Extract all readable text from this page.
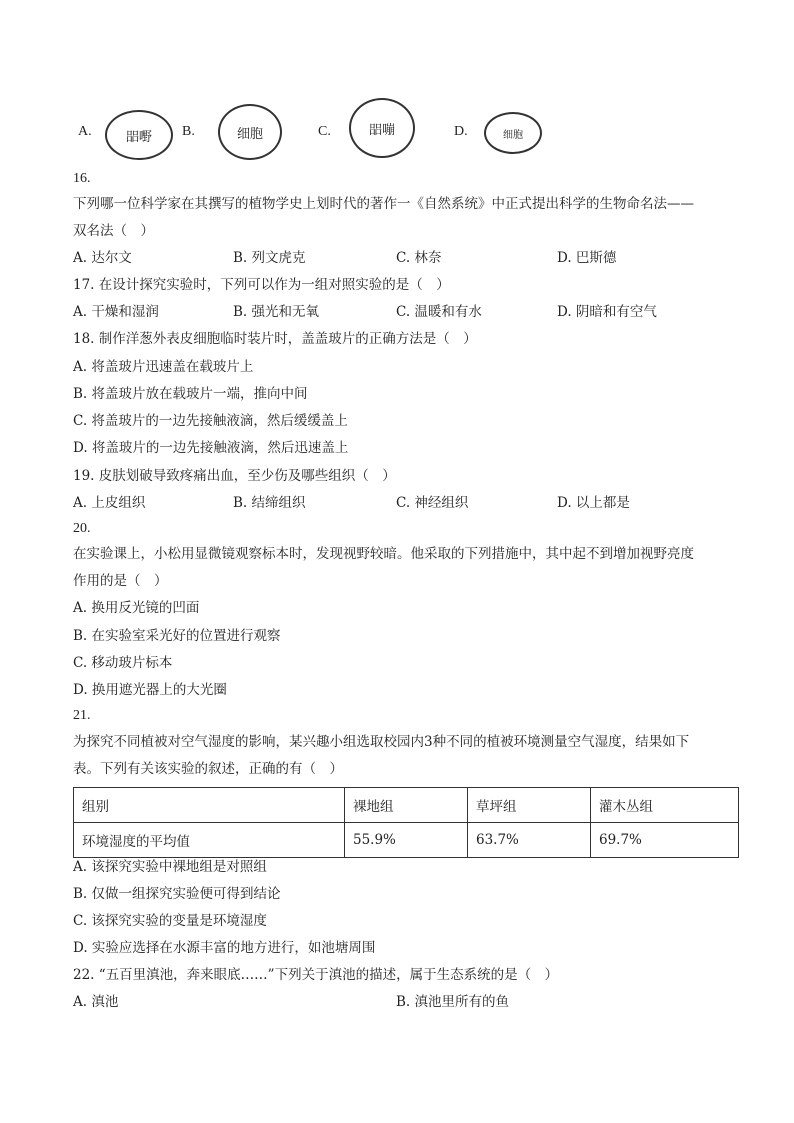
A.	㗊嘢 B.	细胞	C.	㗊嘣	D.	细胞
16.
下列哪一位科学家在其撰写的植物学史上划时代的著作一《自然系统》中正式提出科学的生物命名法——
双名法（　）
A. 达尔文	B. 列文虎克	C. 林奈	D. 巴斯德
17. 在设计探究实验时，下列可以作为一组对照实验的是（　）
A. 干燥和湿润	B. 强光和无氧	C. 温暖和有水	D. 阴暗和有空气
18. 制作洋葱外表皮细胞临时装片时，盖盖玻片的正确方法是（　）
A. 将盖玻片迅速盖在载玻片上
B. 将盖玻片放在载玻片一端，推向中间
C. 将盖玻片的一边先接触液滴，然后缓缓盖上
D. 将盖玻片的一边先接触液滴，然后迅速盖上
19. 皮肤划破导致疼痛出血，至少伤及哪些组织（　）
A. 上皮组织	B. 结缔组织	C. 神经组织	D. 以上都是
20.
在实验课上，小松用显微镜观察标本时，发现视野较暗。他采取的下列措施中，其中起不到增加视野亮度
作用的是（　）
A. 换用反光镜的凹面
B. 在实验室采光好的位置进行观察
C. 移动玻片标本
D. 换用遮光器上的大光圈
21.
为探究不同植被对空气湿度的影响，某兴趣小组选取校园内3种不同的植被环境测量空气湿度，结果如下
表。下列有关该实验的叙述，正确的有（　）
组别	裸地组	草坪组	灌木丛组
环境湿度的平均值	55.9%	63.7%	69.7%
A. 该探究实验中裸地组是对照组
B. 仅做一组探究实验便可得到结论
C. 该探究实验的变量是环境湿度
D. 实验应选择在水源丰富的地方进行，如池塘周围
22. “五百里滇池，奔来眼底……”下列关于滇池的描述，属于生态系统的是（　）
A. 滇池	B. 滇池里所有的鱼
